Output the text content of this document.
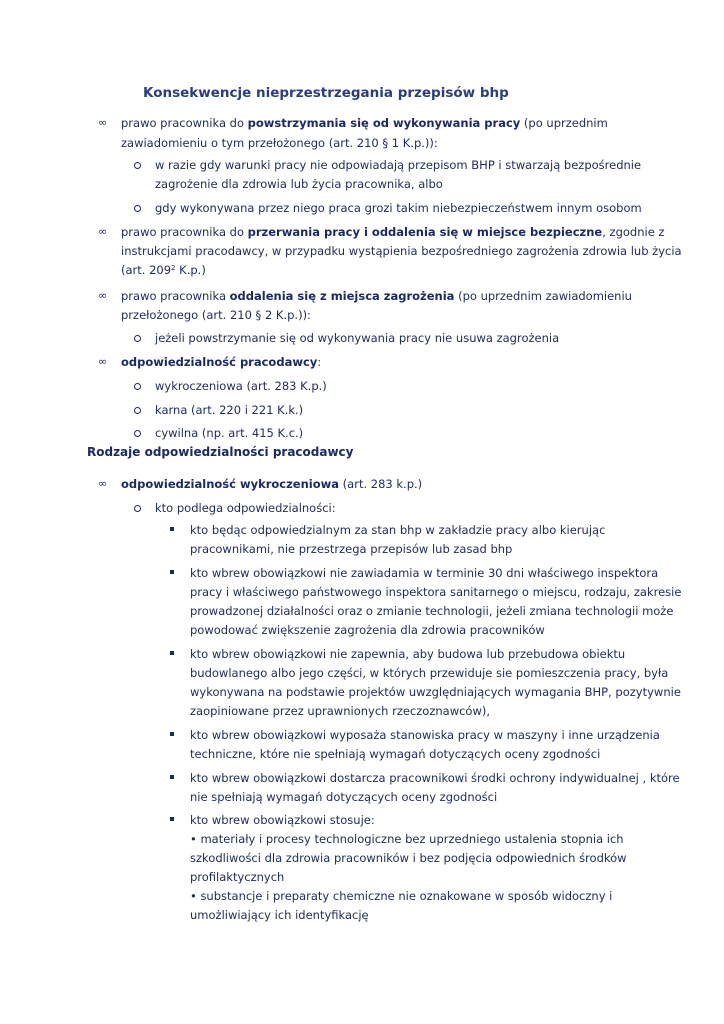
Konsekwencje nieprzestrzegania przepisów bhp
∞ prawo pracownika do powstrzymania się od wykonywania pracy (po uprzednim
zawiadomieniu o tym przełożonego (art. 210 § 1 K.p.)):
w razie gdy warunki pracy nie odpowiadają przepisom BHP i stwarzają bezpośrednie
zagrożenie dla zdrowia lub życia pracownika, albo
gdy wykonywana przez niego praca grozi takim niebezpieczeństwem innym osobom
∞ prawo pracownika do przerwania pracy i oddalenia się w miejsce bezpieczne, zgodnie z
instrukcjami pracodawcy, w przypadku wystąpienia bezpośredniego zagrożenia zdrowia lub życia
(art. $209^2$ K.p.)
∞ prawo pracownika oddalenia się z miejsca zagrożenia (po uprzednim zawiadomieniu
przełożonego (art. 210 § 2 K.p.)):
jeżeli powstrzymanie się od wykonywania pracy nie usuwa zagrożenia
∞ odpowiedzialność pracodawcy:
wykroczeniowa (art. 283 K.p.)
karna (art. 220 i 221 K.k.)
cywilna (np. art. 415 K.c.)
Rodzaje odpowiedzialności pracodawcy
∞ odpowiedzialność wykroczeniowa (art. 283 k.p.)
kto podlega odpowiedzialności:
kto będąc odpowiedzialnym za stan bhp w zakładzie pracy albo kierując
pracownikami, nie przestrzega przepisów lub zasad bhp
kto wbrew obowiązkowi nie zawiadamia w terminie 30 dni właściwego inspektora
pracy i właściwego państwowego inspektora sanitarnego o miejscu, rodzaju, zakresie
prowadzonej działalności oraz o zmianie technologii, jeżeli zmiana technologii może
powodować zwiększenie zagrożenia dla zdrowia pracowników
kto wbrew obowiązkowi nie zapewnia, aby budowa lub przebudowa obiektu
budowlanego albo jego części, w których przewiduje sie pomieszczenia pracy, była
wykonywana na podstawie projektów uwzględniających wymagania BHP, pozytywnie
zaopiniowane przez uprawnionych rzeczoznawców),
kto wbrew obowiązkowi wyposaża stanowiska pracy w maszyny i inne urządzenia
techniczne, które nie spełniają wymagań dotyczących oceny zgodności
kto wbrew obowiązkowi dostarcza pracownikowi środki ochrony indywidualnej , które
nie spełniają wymagań dotyczących oceny zgodności
kto wbrew obowiązkowi stosuje:
• materiały i procesy technologiczne bez uprzedniego ustalenia stopnia ich
szkodliwości dla zdrowia pracowników i bez podjęcia odpowiednich środków
profilaktycznych
• substancje i preparaty chemiczne nie oznakowane w sposób widoczny i
umożliwiający ich identyfikację
